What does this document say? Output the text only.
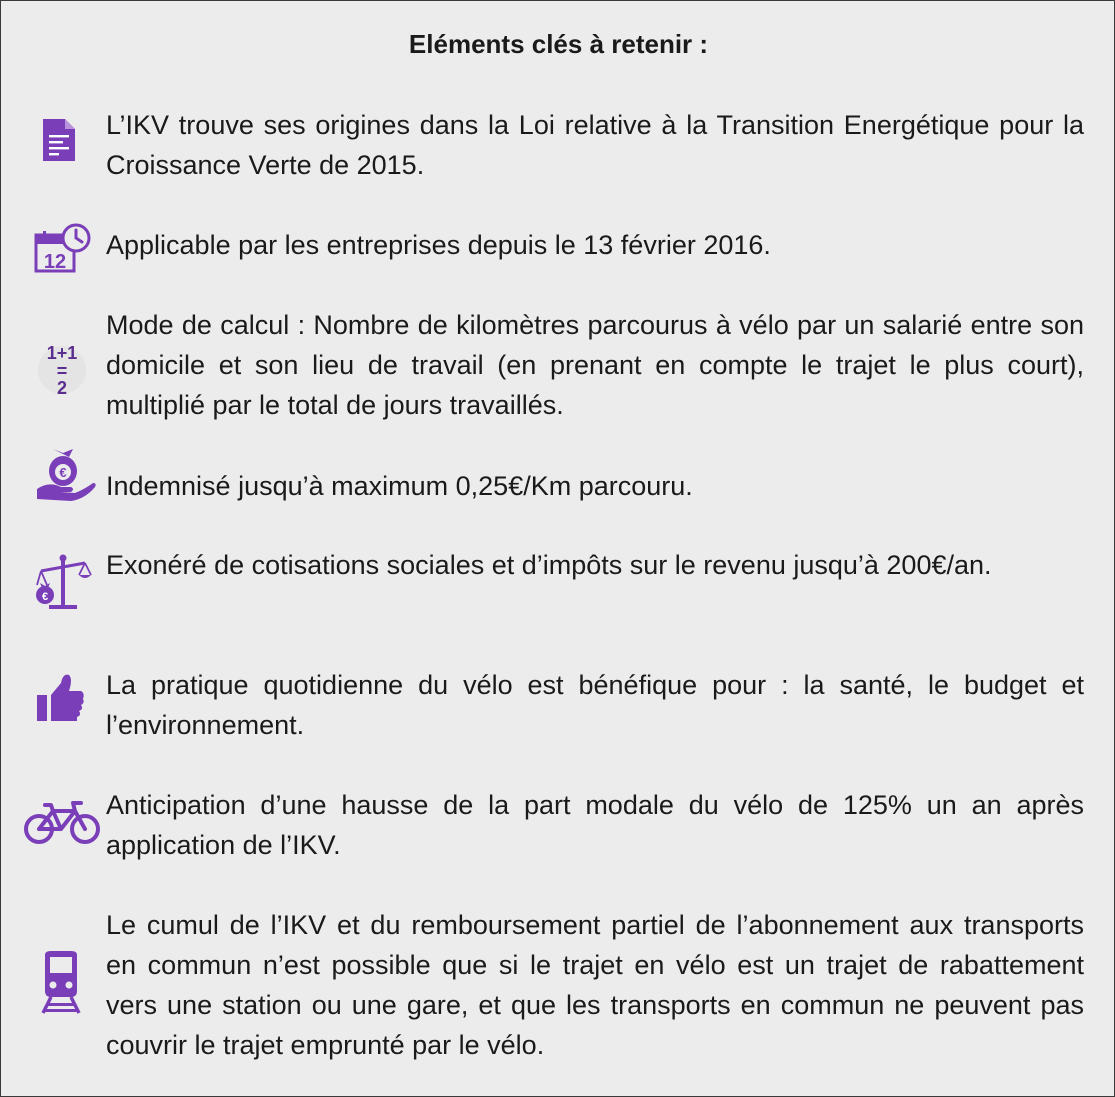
Eléments clés à retenir :
L’IKV trouve ses origines dans la Loi relative à la Transition Energétique pour la Croissance Verte de 2015.
12
Applicable par les entreprises depuis le 13 février 2016.
1+1
=
2
Mode de calcul : Nombre de kilomètres parcourus à vélo par un salarié entre son domicile et son lieu de travail (en prenant en compte le trajet le plus court), multiplié par le total de jours travaillés.
€ Indemnisé jusqu’à maximum 0,25€/Km parcouru.
€
Exonéré de cotisations sociales et d’impôts sur le revenu jusqu’à 200€/an.
La pratique quotidienne du vélo est bénéfique pour : la santé, le budget et l’environnement.
Anticipation d’une hausse de la part modale du vélo de 125% un an après application de l’IKV.
Le cumul de l’IKV et du remboursement partiel de l’abonnement aux transports en commun n’est possible que si le trajet en vélo est un trajet de rabattement vers une station ou une gare, et que les transports en commun ne peuvent pas couvrir le trajet emprunté par le vélo.
